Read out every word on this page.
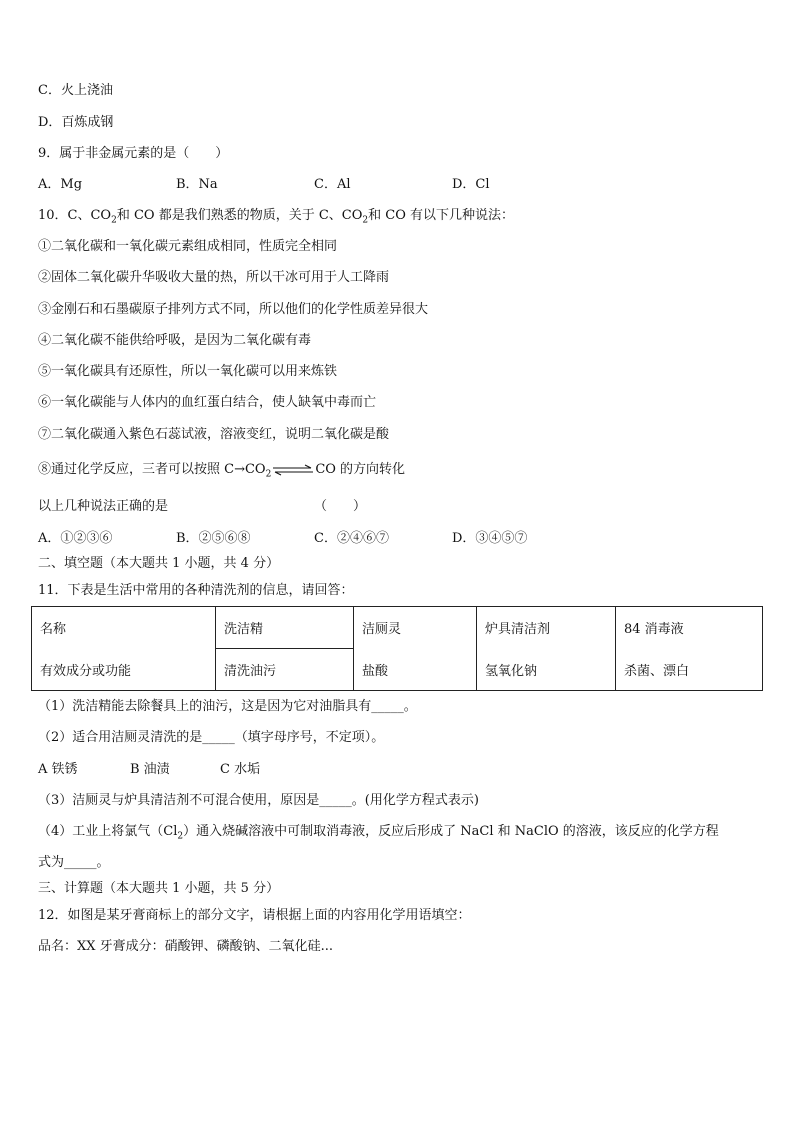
C．火上浇油
D．百炼成钢
9．属于非金属元素的是（　　）
A．Mg	B．Na	C．Al	D．Cl
10．C、$CO_2$和 CO 都是我们熟悉的物质，关于 C、$CO_2$和 CO 有以下几种说法：
①二氧化碳和一氧化碳元素组成相同，性质完全相同
②固体二氧化碳升华吸收大量的热，所以干冰可用于人工降雨
③金刚石和石墨碳原子排列方式不同，所以他们的化学性质差异很大
④二氧化碳不能供给呼吸，是因为二氧化碳有毒
⑤一氧化碳具有还原性，所以一氧化碳可以用来炼铁
⑥一氧化碳能与人体内的血红蛋白结合，使人缺氧中毒而亡
⑦二氧化碳通入紫色石蕊试液，溶液变红，说明二氧化碳是酸
⑧通过化学反应，三者可以按照 $C\to CO_2\rightleftharpoons CO$ 的方向转化
以上几种说法正确的是	（　　）
A．①②③⑥	B．②⑤⑥⑧	C．②④⑥⑦	D．③④⑤⑦
二、填空题（本大题共 1 小题，共 4 分）
11．下表是生活中常用的各种清洗剂的信息，请回答：
名称	洗洁精	洁厕灵	炉具清洁剂	84 消毒液
有效成分或功能	清洗油污	盐酸	氢氧化钠	杀菌、漂白
（1）洗洁精能去除餐具上的油污，这是因为它对油脂具有_____。
（2）适合用洁厕灵清洗的是_____（填字母序号，不定项）。
A 铁锈	B 油渍	C 水垢
（3）洁厕灵与炉具清洁剂不可混合使用，原因是_____。(用化学方程式表示)
（4）工业上将氯气$(Cl_2)$通入烧碱溶液中可制取消毒液，反应后形成了 NaCl 和 NaClO 的溶液，该反应的化学方程
式为_____。
三、计算题（本大题共 1 小题，共 5 分）
12．如图是某牙膏商标上的部分文字，请根据上面的内容用化学用语填空：
品名：XX 牙膏成分：硝酸钾、磷酸钠、二氧化硅...
